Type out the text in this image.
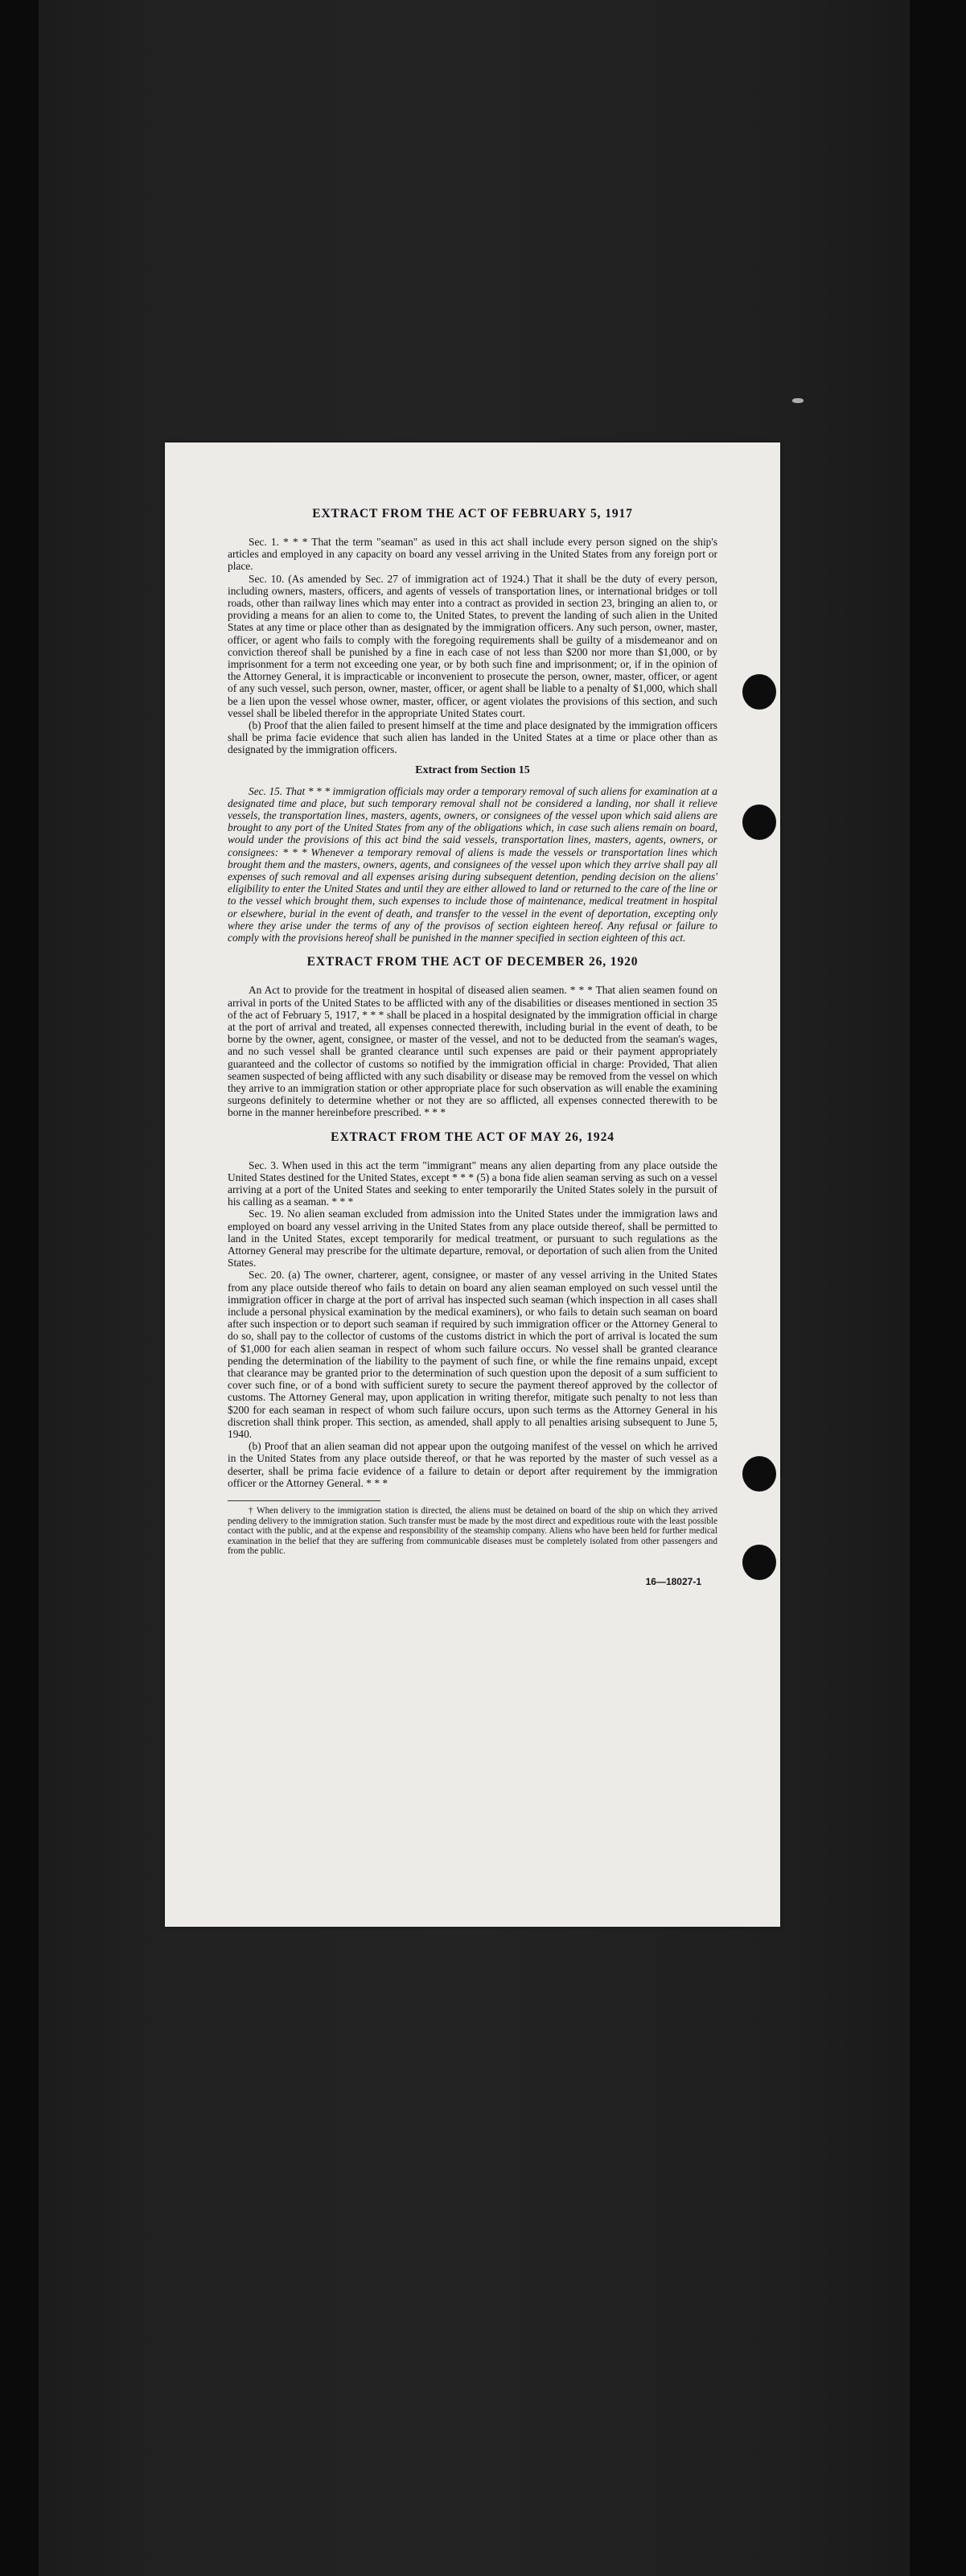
EXTRACT FROM THE ACT OF FEBRUARY 5, 1917

Sec. 1. * * * That the term "seaman" as used in this act shall include every person signed on the ship's articles and employed in any capacity on board any vessel arriving in the United States from any foreign port or place.

Sec. 10. (As amended by Sec. 27 of immigration act of 1924.) That it shall be the duty of every person, including owners, masters, officers, and agents of vessels of transportation lines, or international bridges or toll roads, other than railway lines which may enter into a contract as provided in section 23, bringing an alien to, or providing a means for an alien to come to, the United States, to prevent the landing of such alien in the United States at any time or place other than as designated by the immigration officers. Any such person, owner, master, officer, or agent who fails to comply with the foregoing requirements shall be guilty of a misdemeanor and on conviction thereof shall be punished by a fine in each case of not less than $200 nor more than $1,000, or by imprisonment for a term not exceeding one year, or by both such fine and imprisonment; or, if in the opinion of the Attorney General, it is impracticable or inconvenient to prosecute the person, owner, master, officer, or agent of any such vessel, such person, owner, master, officer, or agent shall be liable to a penalty of $1,000, which shall be a lien upon the vessel whose owner, master, officer, or agent violates the provisions of this section, and such vessel shall be libeled therefor in the appropriate United States court.

(b) Proof that the alien failed to present himself at the time and place designated by the immigration officers shall be prima facie evidence that such alien has landed in the United States at a time or place other than as designated by the immigration officers.

Extract from Section 15

Sec. 15. That * * * immigration officials may order a temporary removal of such aliens for examination at a designated time and place, but such temporary removal shall not be considered a landing, nor shall it relieve vessels, the transportation lines, masters, agents, owners, or consignees of the vessel upon which said aliens are brought to any port of the United States from any of the obligations which, in case such aliens remain on board, would under the provisions of this act bind the said vessels, transportation lines, masters, agents, owners, or consignees: * * * Whenever a temporary removal of aliens is made the vessels or transportation lines which brought them and the masters, owners, agents, and consignees of the vessel upon which they arrive shall pay all expenses of such removal and all expenses arising during subsequent detention, pending decision on the aliens' eligibility to enter the United States and until they are either allowed to land or returned to the care of the line or to the vessel which brought them, such expenses to include those of maintenance, medical treatment in hospital or elsewhere, burial in the event of death, and transfer to the vessel in the event of deportation, excepting only where they arise under the terms of any of the provisos of section eighteen hereof. Any refusal or failure to comply with the provisions hereof shall be punished in the manner specified in section eighteen of this act.

EXTRACT FROM THE ACT OF DECEMBER 26, 1920

An Act to provide for the treatment in hospital of diseased alien seamen. * * * That alien seamen found on arrival in ports of the United States to be afflicted with any of the disabilities or diseases mentioned in section 35 of the act of February 5, 1917, * * * shall be placed in a hospital designated by the immigration official in charge at the port of arrival and treated, all expenses connected therewith, including burial in the event of death, to be borne by the owner, agent, consignee, or master of the vessel, and not to be deducted from the seaman's wages, and no such vessel shall be granted clearance until such expenses are paid or their payment appropriately guaranteed and the collector of customs so notified by the immigration official in charge: Provided, That alien seamen suspected of being afflicted with any such disability or disease may be removed from the vessel on which they arrive to an immigration station or other appropriate place for such observation as will enable the examining surgeons definitely to determine whether or not they are so afflicted, all expenses connected therewith to be borne in the manner hereinbefore prescribed. * * *

EXTRACT FROM THE ACT OF MAY 26, 1924

Sec. 3. When used in this act the term "immigrant" means any alien departing from any place outside the United States destined for the United States, except * * * (5) a bona fide alien seaman serving as such on a vessel arriving at a port of the United States and seeking to enter temporarily the United States solely in the pursuit of his calling as a seaman. * * *

Sec. 19. No alien seaman excluded from admission into the United States under the immigration laws and employed on board any vessel arriving in the United States from any place outside thereof, shall be permitted to land in the United States, except temporarily for medical treatment, or pursuant to such regulations as the Attorney General may prescribe for the ultimate departure, removal, or deportation of such alien from the United States.

Sec. 20. (a) The owner, charterer, agent, consignee, or master of any vessel arriving in the United States from any place outside thereof who fails to detain on board any alien seaman employed on such vessel until the immigration officer in charge at the port of arrival has inspected such seaman (which inspection in all cases shall include a personal physical examination by the medical examiners), or who fails to detain such seaman on board after such inspection or to deport such seaman if required by such immigration officer or the Attorney General to do so, shall pay to the collector of customs of the customs district in which the port of arrival is located the sum of $1,000 for each alien seaman in respect of whom such failure occurs. No vessel shall be granted clearance pending the determination of the liability to the payment of such fine, or while the fine remains unpaid, except that clearance may be granted prior to the determination of such question upon the deposit of a sum sufficient to cover such fine, or of a bond with sufficient surety to secure the payment thereof approved by the collector of customs. The Attorney General may, upon application in writing therefor, mitigate such penalty to not less than $200 for each seaman in respect of whom such failure occurs, upon such terms as the Attorney General in his discretion shall think proper. This section, as amended, shall apply to all penalties arising subsequent to June 5, 1940.

(b) Proof that an alien seaman did not appear upon the outgoing manifest of the vessel on which he arrived in the United States from any place outside thereof, or that he was reported by the master of such vessel as a deserter, shall be prima facie evidence of a failure to detain or deport after requirement by the immigration officer or the Attorney General. * * *

† When delivery to the immigration station is directed, the aliens must be detained on board of the ship on which they arrived pending delivery to the immigration station. Such transfer must be made by the most direct and expeditious route with the least possible contact with the public, and at the expense and responsibility of the steamship company. Aliens who have been held for further medical examination in the belief that they are suffering from communicable diseases must be completely isolated from other passengers and from the public.

16—18027-1
